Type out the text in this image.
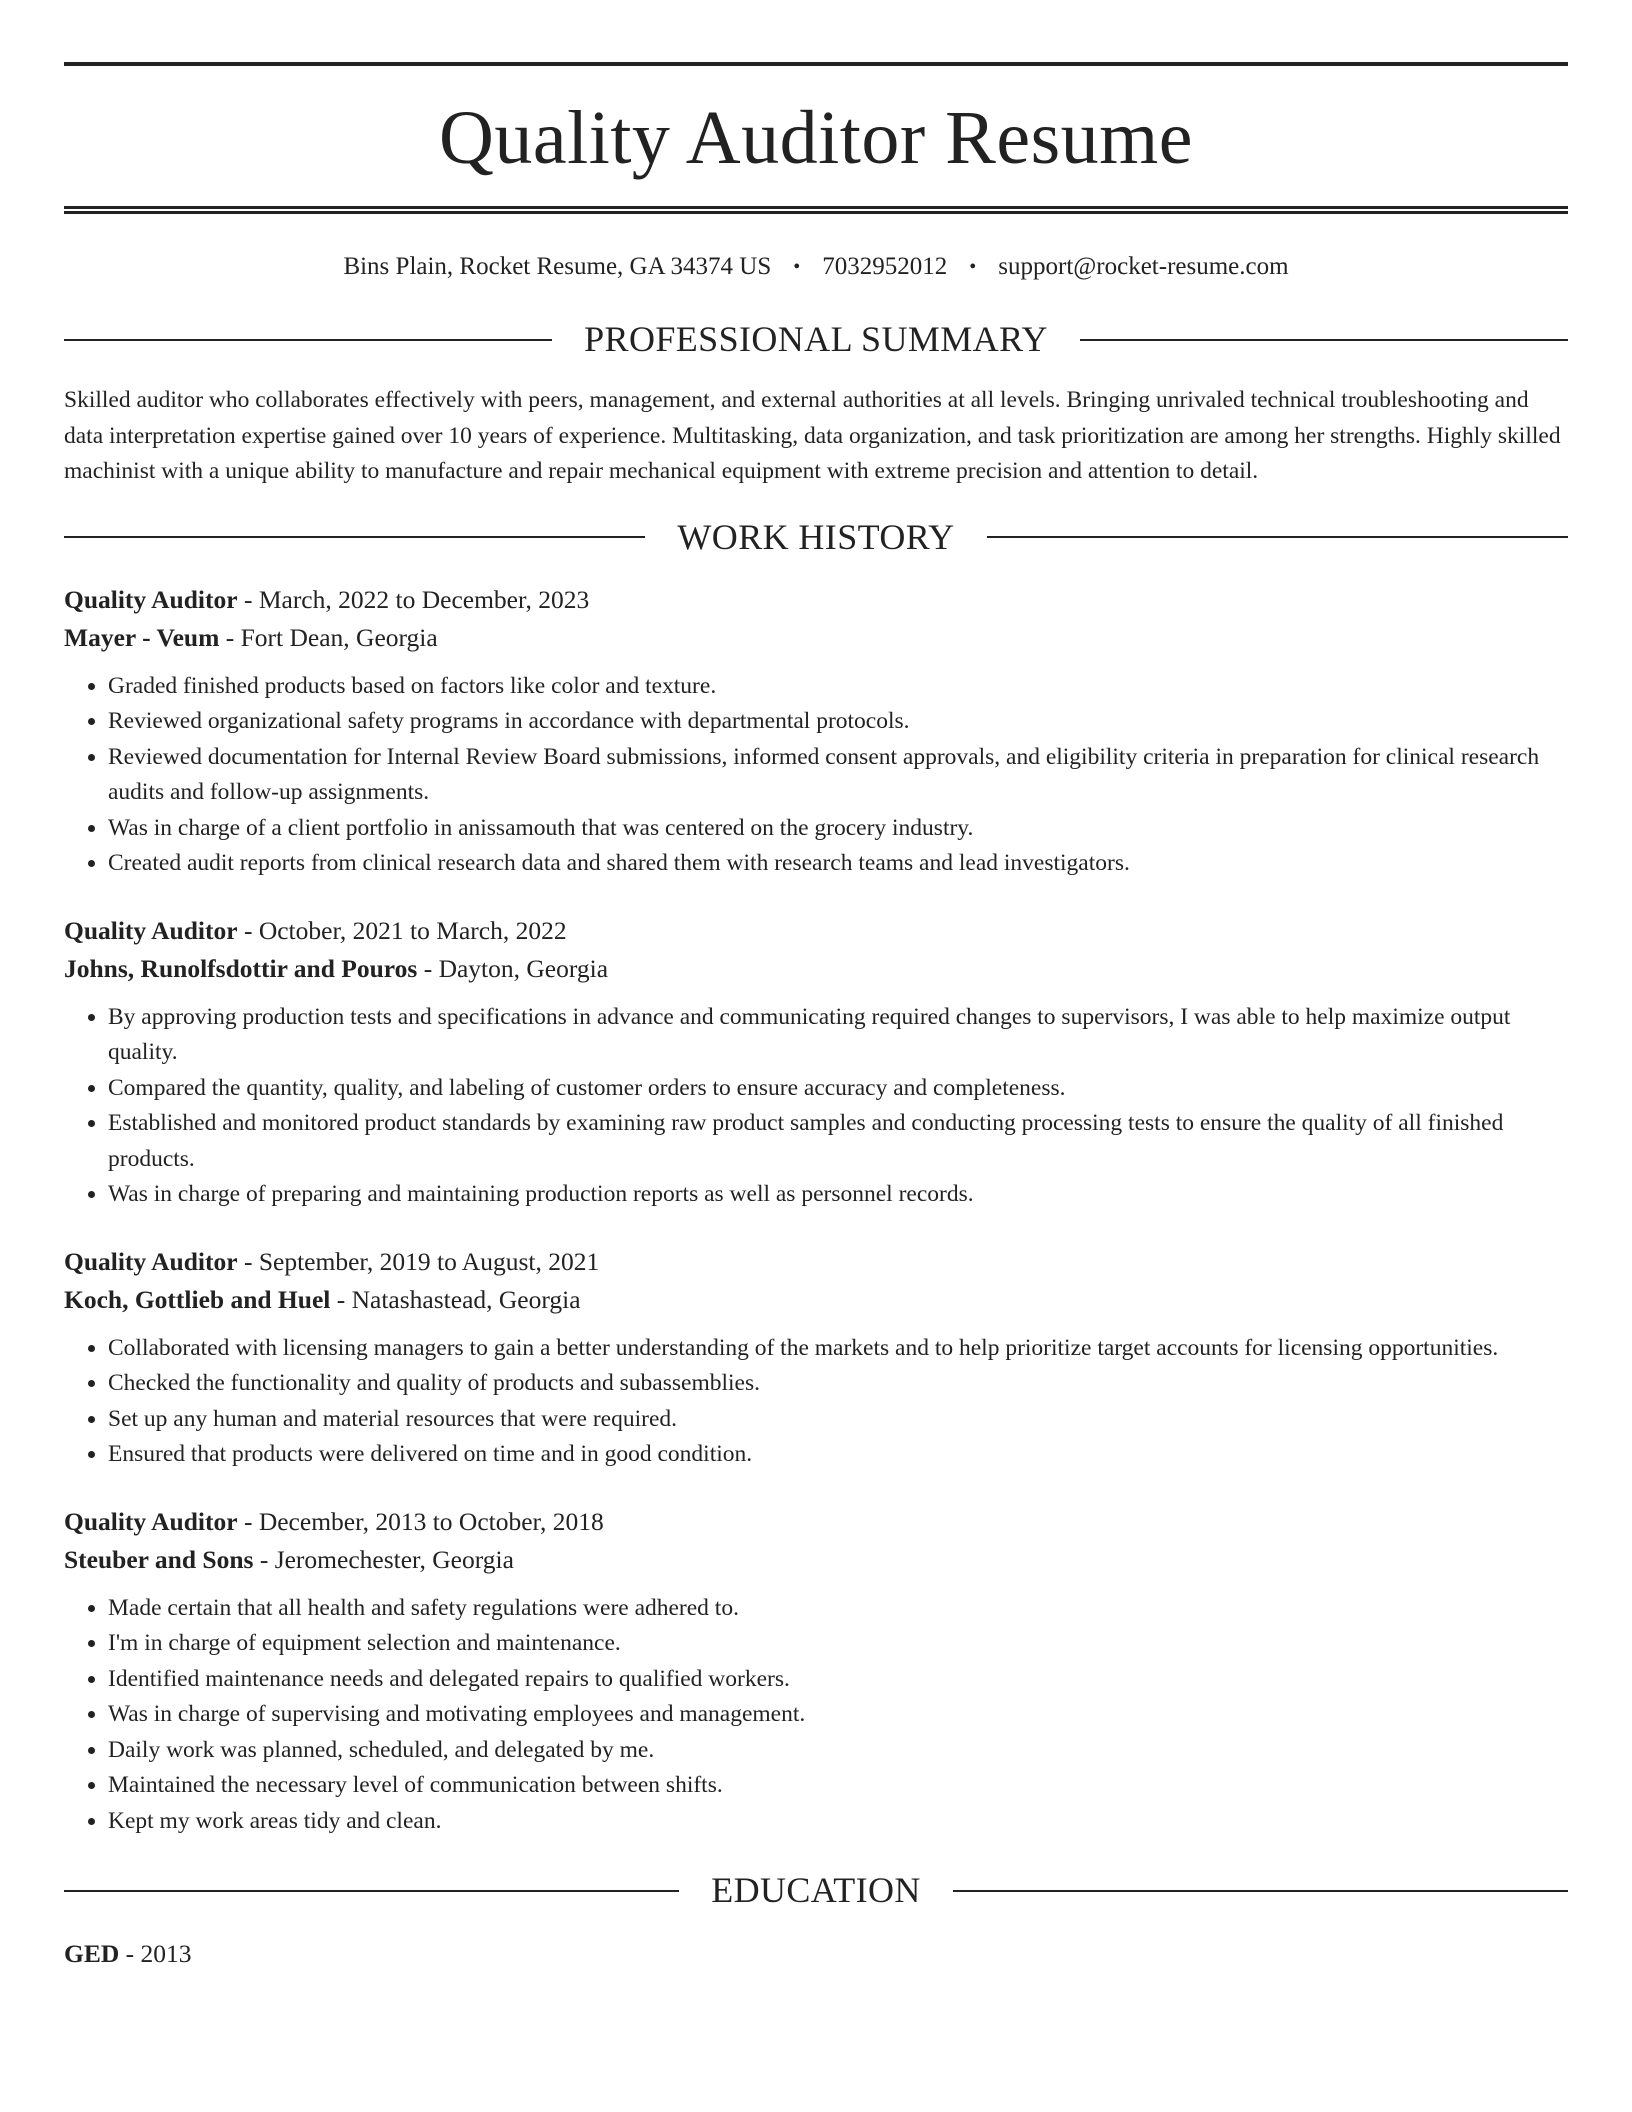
Quality Auditor Resume
Bins Plain, Rocket Resume, GA 34374 US • 7032952012 • support@rocket-resume.com
PROFESSIONAL SUMMARY

Skilled auditor who collaborates effectively with peers, management, and external authorities at all levels. Bringing unrivaled technical troubleshooting and data interpretation expertise gained over 10 years of experience. Multitasking, data organization, and task prioritization are among her strengths. Highly skilled machinist with a unique ability to manufacture and repair mechanical equipment with extreme precision and attention to detail.

WORK HISTORY
Quality Auditor - March, 2022 to December, 2023
Mayer - Veum - Fort Dean, Georgia
• Graded finished products based on factors like color and texture.
• Reviewed organizational safety programs in accordance with departmental protocols.
• Reviewed documentation for Internal Review Board submissions, informed consent approvals, and eligibility criteria in preparation for clinical research audits and follow-up assignments.
• Was in charge of a client portfolio in anissamouth that was centered on the grocery industry.
• Created audit reports from clinical research data and shared them with research teams and lead investigators.
Quality Auditor - October, 2021 to March, 2022
Johns, Runolfsdottir and Pouros - Dayton, Georgia
• By approving production tests and specifications in advance and communicating required changes to supervisors, I was able to help maximize output quality.
• Compared the quantity, quality, and labeling of customer orders to ensure accuracy and completeness.
• Established and monitored product standards by examining raw product samples and conducting processing tests to ensure the quality of all finished products.
• Was in charge of preparing and maintaining production reports as well as personnel records.
Quality Auditor - September, 2019 to August, 2021
Koch, Gottlieb and Huel - Natashastead, Georgia
• Collaborated with licensing managers to gain a better understanding of the markets and to help prioritize target accounts for licensing opportunities.
• Checked the functionality and quality of products and subassemblies.
• Set up any human and material resources that were required.
• Ensured that products were delivered on time and in good condition.
Quality Auditor - December, 2013 to October, 2018
Steuber and Sons - Jeromechester, Georgia
• Made certain that all health and safety regulations were adhered to.
• I'm in charge of equipment selection and maintenance.
• Identified maintenance needs and delegated repairs to qualified workers.
• Was in charge of supervising and motivating employees and management.
• Daily work was planned, scheduled, and delegated by me.
• Maintained the necessary level of communication between shifts.
• Kept my work areas tidy and clean.
EDUCATION
GED - 2013
